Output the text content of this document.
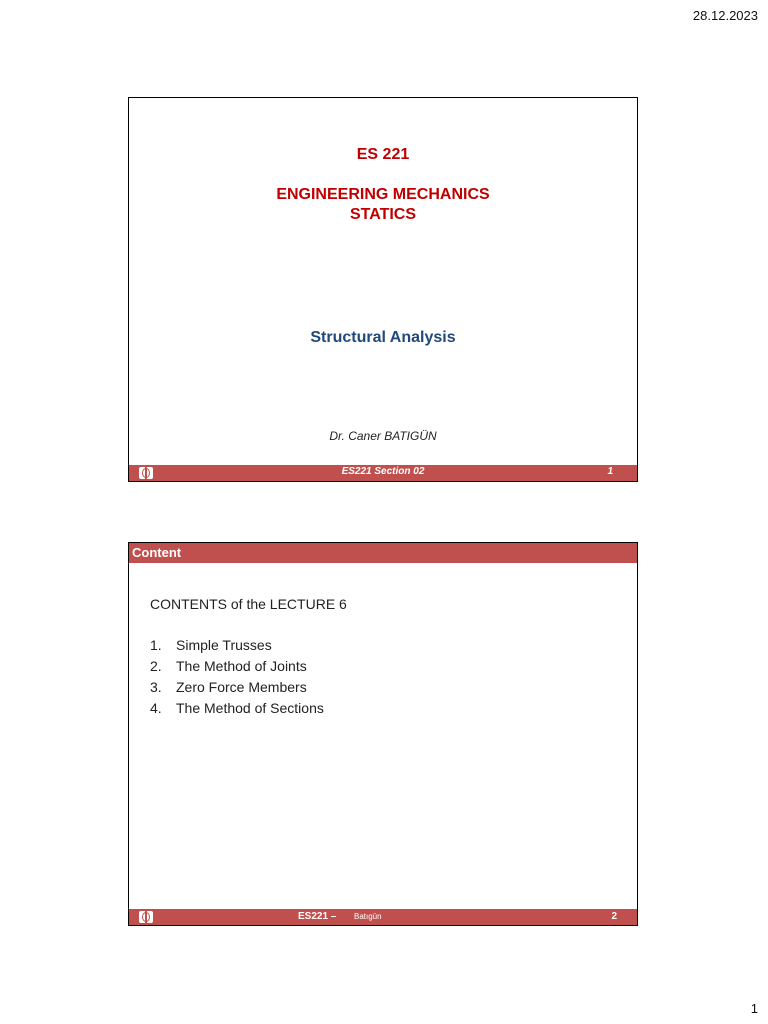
28.12.2023
ES 221
ENGINEERING MECHANICS
STATICS
Structural Analysis
Dr. Caner BATIGÜN
ES221 Section 02	1
Content
CONTENTS of the LECTURE 6
1.	Simple Trusses
2.	The Method of Joints
3.	Zero Force Members
4.	The Method of Sections
ES221 – Batıgün	2
1
